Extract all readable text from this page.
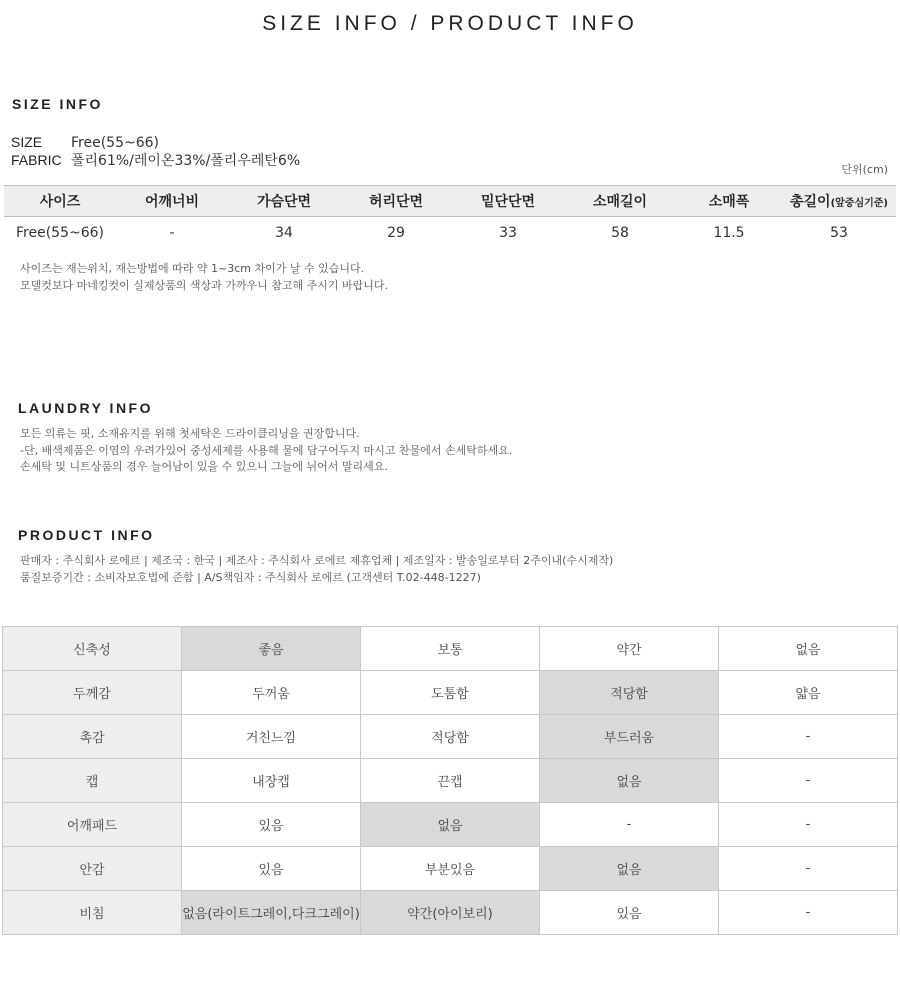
SIZE INFO / PRODUCT INFO
SIZE INFO
SIZE Free(55~66)
FABRIC 폴리61%/레이온33%/폴리우레탄6%
단위(cm)
사이즈	어깨너비	가슴단면	허리단면	밑단단면	소매길이	소매폭	총길이(앞중심기준)
Free(55~66)	-	34	29	33	58	11.5	53
사이즈는 재는위치, 재는방법에 따라 약 1~3cm 차이가 날 수 있습니다.
모델컷보다 마네킹컷이 실제상품의 색상과 가까우니 참고해 주시기 바랍니다.
LAUNDRY INFO
모든 의류는 핏, 소재유지를 위해 첫세탁은 드라이클리닝을 권장합니다.
-단, 배색제품은 이염의 우려가있어 중성세제를 사용해 물에 담구어두지 마시고 찬물에서 손세탁하세요.
손세탁 및 니트상품의 경우 늘어남이 있을 수 있으니 그늘에 뉘어서 말리세요.
PRODUCT INFO
판매자 : 주식회사 로에르 | 제조국 : 한국 | 제조사 : 주식회사 로에르 제휴업체 | 제조일자 : 발송일로부터 2주이내(수시제작)
품질보증기간 : 소비자보호법에 준함 | A/S책임자 : 주식회사 로에르 (고객센터 T.02-448-1227)
신축성	좋음	보통	약간	없음
두께감	두꺼움	도톰함	적당함	얇음
촉감	거친느낌	적당함	부드러움	-
캡	내장캡	끈캡	없음	-
어깨패드	있음	없음	-	-
안감	있음	부분있음	없음	-
비침	없음(라이트그레이,다크그레이)	약간(아이보리)	있음	-
